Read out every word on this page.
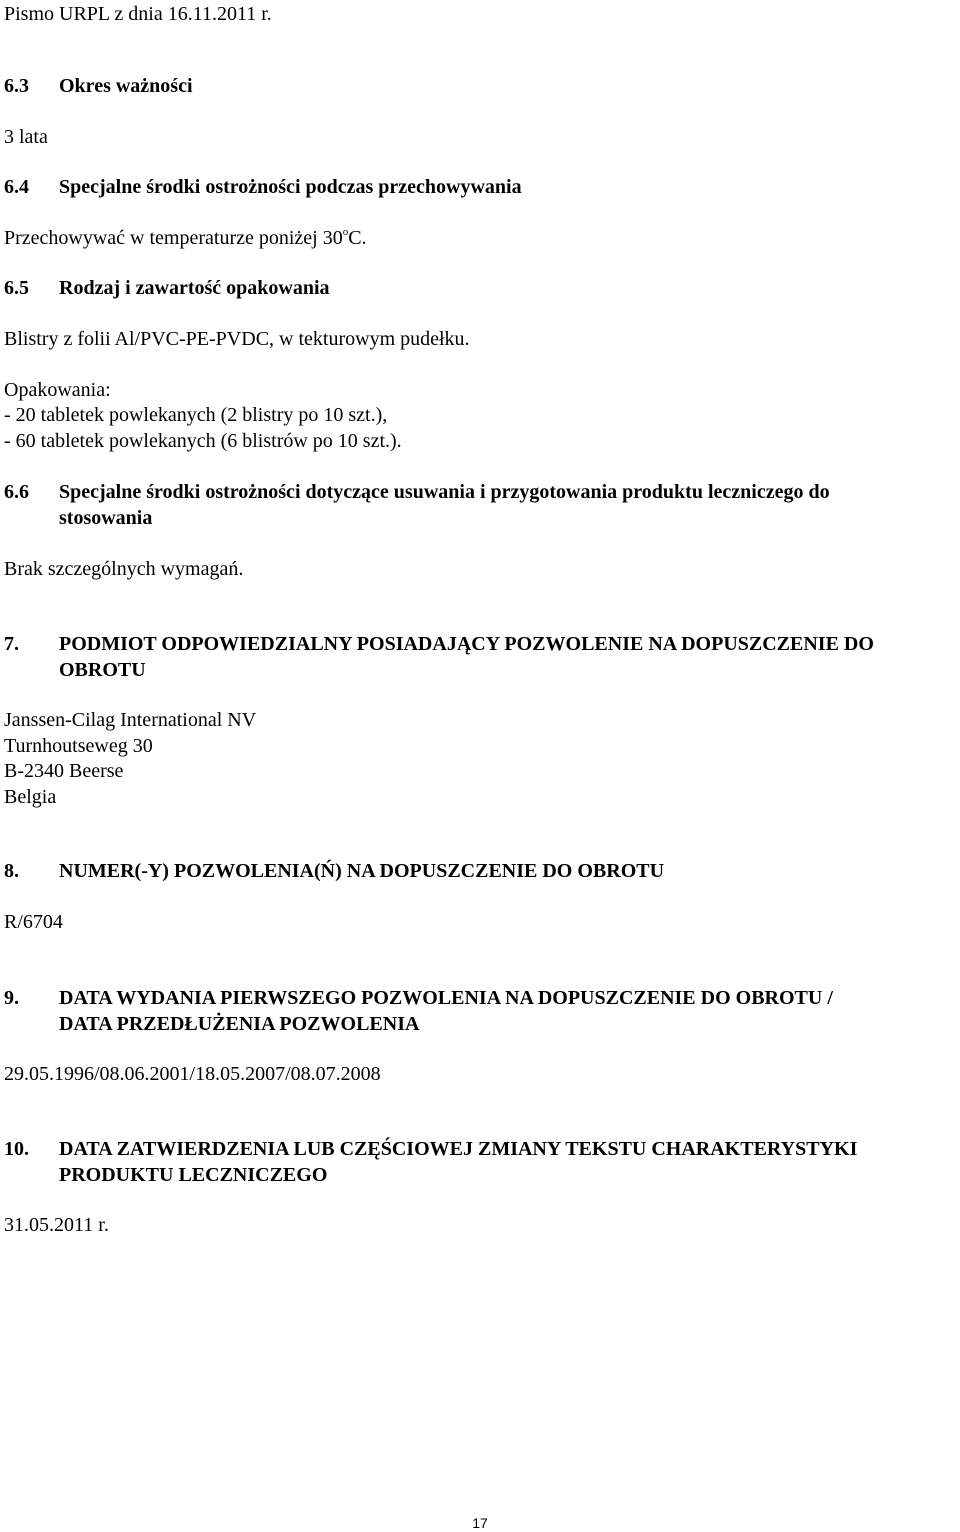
Pismo URPL z dnia 16.11.2011 r.
6.3 Okres ważności
3 lata
6.4 Specjalne środki ostrożności podczas przechowywania
Przechowywać w temperaturze poniżej 30$^o$C.
6.5 Rodzaj i zawartość opakowania
Blistry z folii Al/PVC-PE-PVDC, w tekturowym pudełku.
Opakowania:
- 20 tabletek powlekanych (2 blistry po 10 szt.),
- 60 tabletek powlekanych (6 blistrów po 10 szt.).
6.6 Specjalne środki ostrożności dotyczące usuwania i przygotowania produktu leczniczego do
stosowania
Brak szczególnych wymagań.
7. PODMIOT ODPOWIEDZIALNY POSIADAJĄCY POZWOLENIE NA DOPUSZCZENIE DO
OBROTU
Janssen-Cilag International NV
Turnhoutseweg 30
B-2340 Beerse
Belgia
8. NUMER(-Y) POZWOLENIA(Ń) NA DOPUSZCZENIE DO OBROTU
R/6704
9. DATA WYDANIA PIERWSZEGO POZWOLENIA NA DOPUSZCZENIE DO OBROTU /
DATA PRZEDŁUŻENIA POZWOLENIA
29.05.1996/08.06.2001/18.05.2007/08.07.2008
10. DATA ZATWIERDZENIA LUB CZĘŚCIOWEJ ZMIANY TEKSTU CHARAKTERYSTYKI
PRODUKTU LECZNICZEGO
31.05.2011 r.
17
